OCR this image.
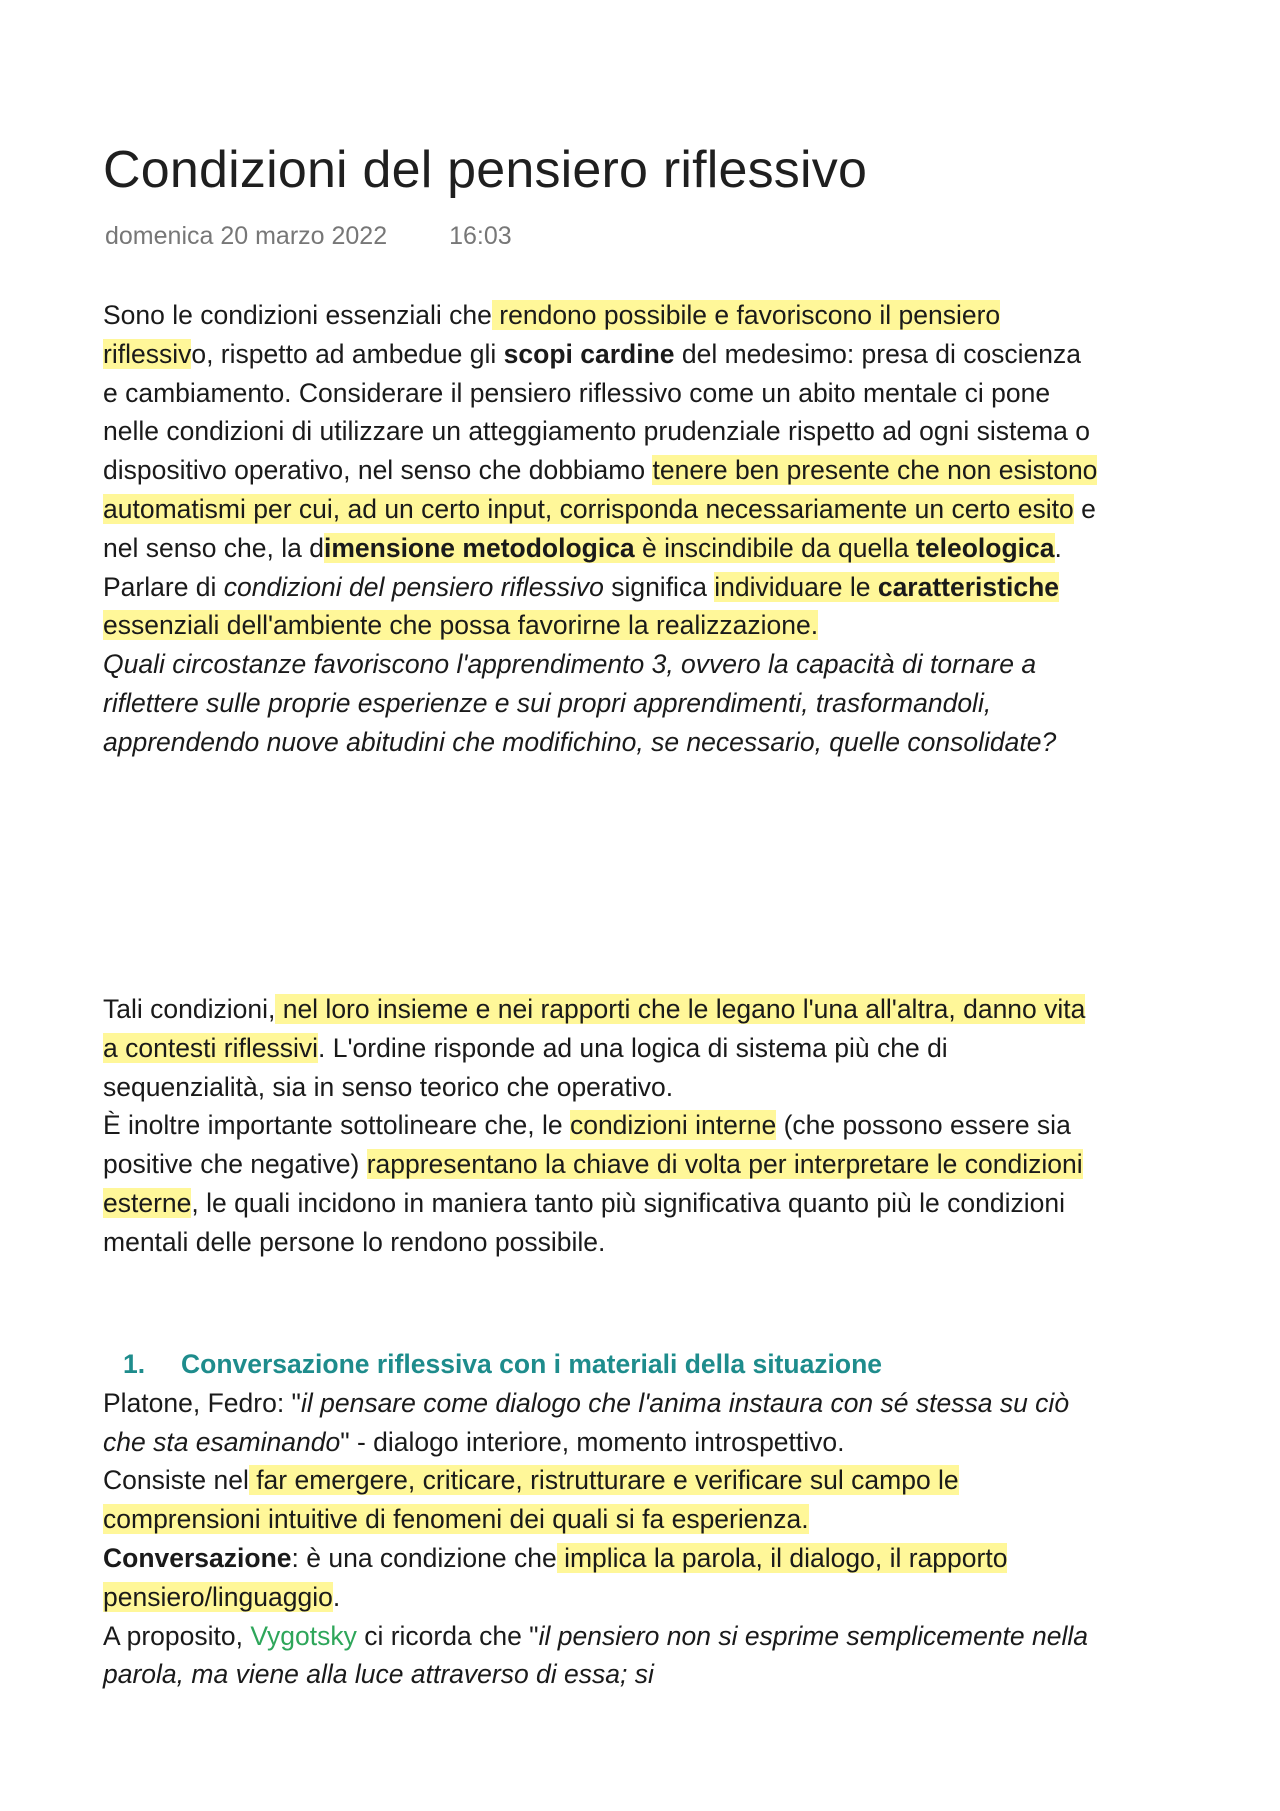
Condizioni del pensiero riflessivo
domenica 20 marzo 2022 16:03

Sono le condizioni essenziali che rendono possibile e favoriscono il pensiero riflessivo, rispetto ad ambedue gli scopi cardine del medesimo: presa di coscienza e cambiamento. Considerare il pensiero riflessivo come un abito mentale ci pone nelle condizioni di utilizzare un atteggiamento prudenziale rispetto ad ogni sistema o dispositivo operativo, nel senso che dobbiamo tenere ben presente che non esistono automatismi per cui, ad un certo input, corrisponda necessariamente un certo esito e nel senso che, la dimensione metodologica è inscindibile da quella teleologica.

Parlare di condizioni del pensiero riflessivo significa individuare le caratteristiche essenziali dell'ambiente che possa favorirne la realizzazione.

Quali circostanze favoriscono l'apprendimento 3, ovvero la capacità di tornare a riflettere sulle proprie esperienze e sui propri apprendimenti, trasformandoli, apprendendo nuove abitudini che modifichino, se necessario, quelle consolidate?

Tali condizioni, nel loro insieme e nei rapporti che le legano l'una all'altra, danno vita a contesti riflessivi. L'ordine risponde ad una logica di sistema più che di sequenzialità, sia in senso teorico che operativo.

È inoltre importante sottolineare che, le condizioni interne (che possono essere sia positive che negative) rappresentano la chiave di volta per interpretare le condizioni esterne, le quali incidono in maniera tanto più significativa quanto più le condizioni mentali delle persone lo rendono possibile.

1. Conversazione riflessiva con i materiali della situazione

Platone, Fedro: "il pensare come dialogo che l'anima instaura con sé stessa su ciò che sta esaminando" - dialogo interiore, momento introspettivo.

Consiste nel far emergere, criticare, ristrutturare e verificare sul campo le comprensioni intuitive di fenomeni dei quali si fa esperienza.

Conversazione: è una condizione che implica la parola, il dialogo, il rapporto pensiero/linguaggio.

A proposito, Vygotsky ci ricorda che "il pensiero non si esprime semplicemente nella parola, ma viene alla luce attraverso di essa; si
